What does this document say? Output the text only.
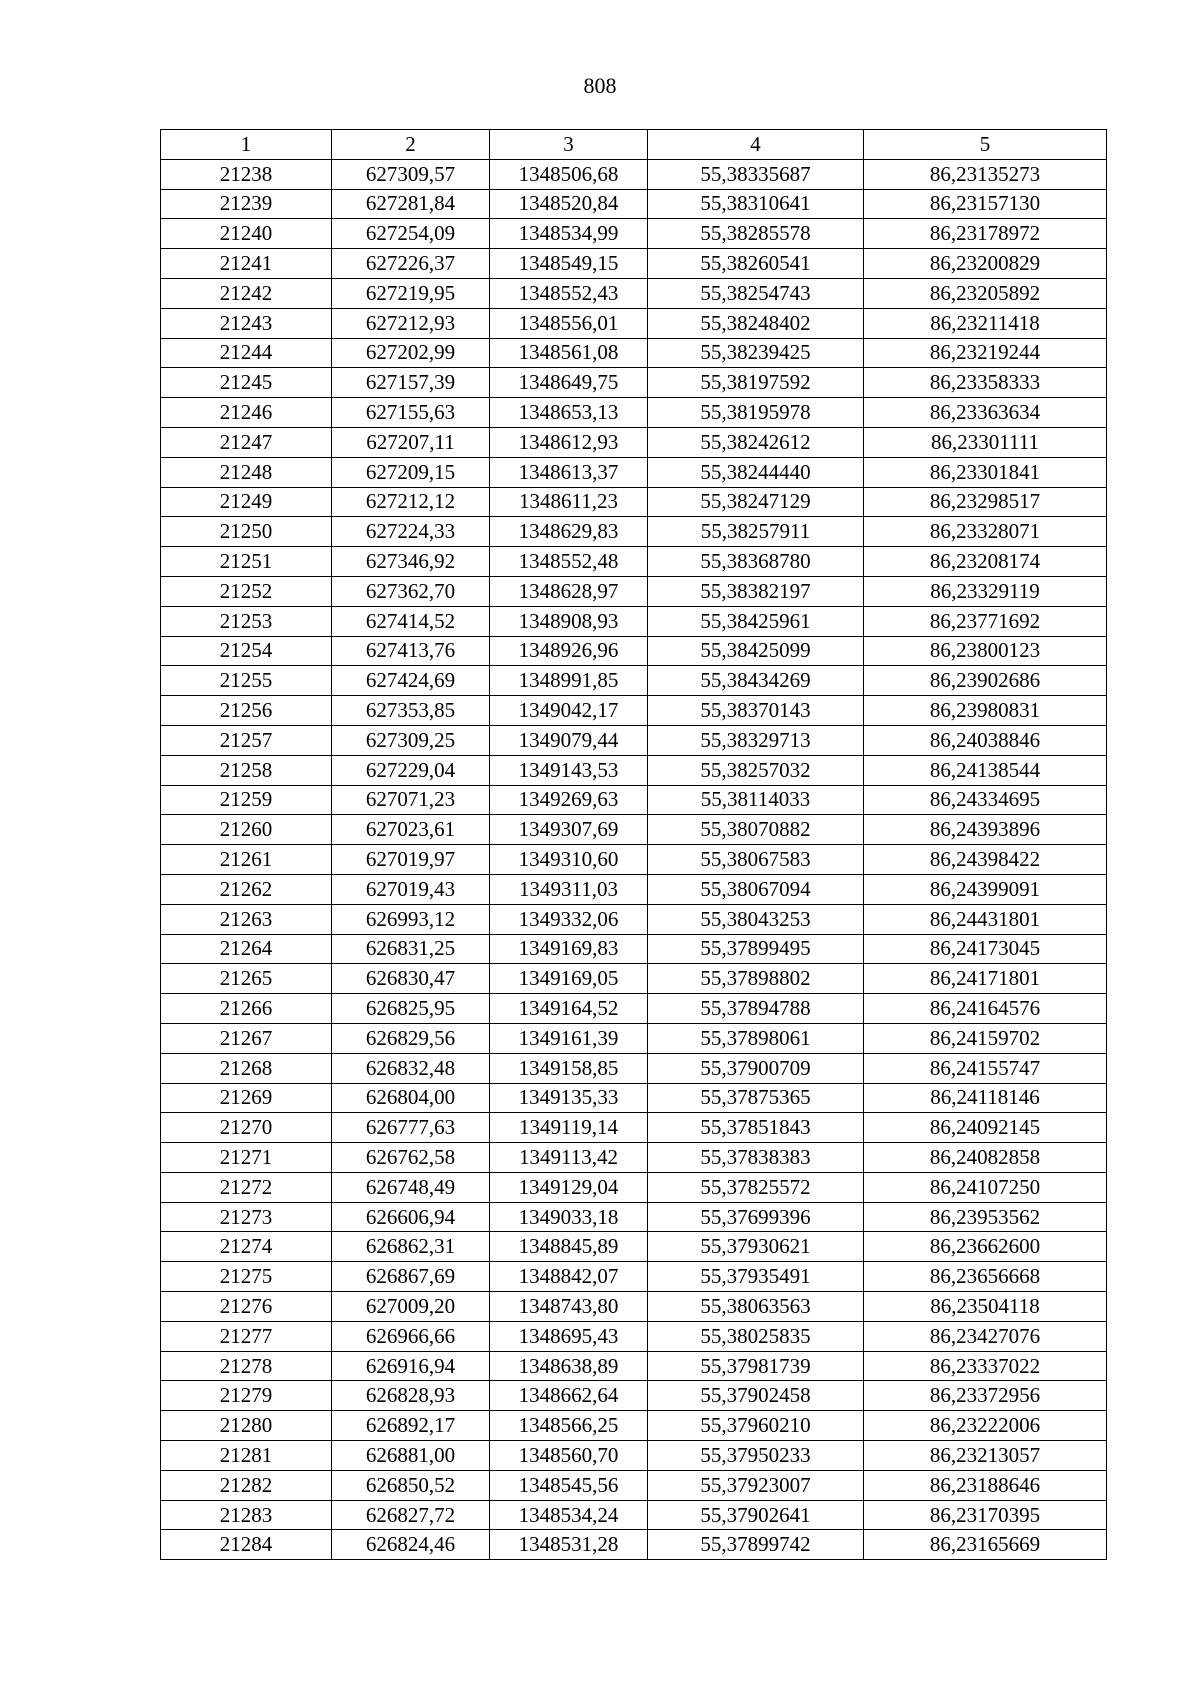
808
1	2	3	4	5
21238	627309,57	1348506,68	55,38335687	86,23135273
21239	627281,84	1348520,84	55,38310641	86,23157130
21240	627254,09	1348534,99	55,38285578	86,23178972
21241	627226,37	1348549,15	55,38260541	86,23200829
21242	627219,95	1348552,43	55,38254743	86,23205892
21243	627212,93	1348556,01	55,38248402	86,23211418
21244	627202,99	1348561,08	55,38239425	86,23219244
21245	627157,39	1348649,75	55,38197592	86,23358333
21246	627155,63	1348653,13	55,38195978	86,23363634
21247	627207,11	1348612,93	55,38242612	86,23301111
21248	627209,15	1348613,37	55,38244440	86,23301841
21249	627212,12	1348611,23	55,38247129	86,23298517
21250	627224,33	1348629,83	55,38257911	86,23328071
21251	627346,92	1348552,48	55,38368780	86,23208174
21252	627362,70	1348628,97	55,38382197	86,23329119
21253	627414,52	1348908,93	55,38425961	86,23771692
21254	627413,76	1348926,96	55,38425099	86,23800123
21255	627424,69	1348991,85	55,38434269	86,23902686
21256	627353,85	1349042,17	55,38370143	86,23980831
21257	627309,25	1349079,44	55,38329713	86,24038846
21258	627229,04	1349143,53	55,38257032	86,24138544
21259	627071,23	1349269,63	55,38114033	86,24334695
21260	627023,61	1349307,69	55,38070882	86,24393896
21261	627019,97	1349310,60	55,38067583	86,24398422
21262	627019,43	1349311,03	55,38067094	86,24399091
21263	626993,12	1349332,06	55,38043253	86,24431801
21264	626831,25	1349169,83	55,37899495	86,24173045
21265	626830,47	1349169,05	55,37898802	86,24171801
21266	626825,95	1349164,52	55,37894788	86,24164576
21267	626829,56	1349161,39	55,37898061	86,24159702
21268	626832,48	1349158,85	55,37900709	86,24155747
21269	626804,00	1349135,33	55,37875365	86,24118146
21270	626777,63	1349119,14	55,37851843	86,24092145
21271	626762,58	1349113,42	55,37838383	86,24082858
21272	626748,49	1349129,04	55,37825572	86,24107250
21273	626606,94	1349033,18	55,37699396	86,23953562
21274	626862,31	1348845,89	55,37930621	86,23662600
21275	626867,69	1348842,07	55,37935491	86,23656668
21276	627009,20	1348743,80	55,38063563	86,23504118
21277	626966,66	1348695,43	55,38025835	86,23427076
21278	626916,94	1348638,89	55,37981739	86,23337022
21279	626828,93	1348662,64	55,37902458	86,23372956
21280	626892,17	1348566,25	55,37960210	86,23222006
21281	626881,00	1348560,70	55,37950233	86,23213057
21282	626850,52	1348545,56	55,37923007	86,23188646
21283	626827,72	1348534,24	55,37902641	86,23170395
21284	626824,46	1348531,28	55,37899742	86,23165669
